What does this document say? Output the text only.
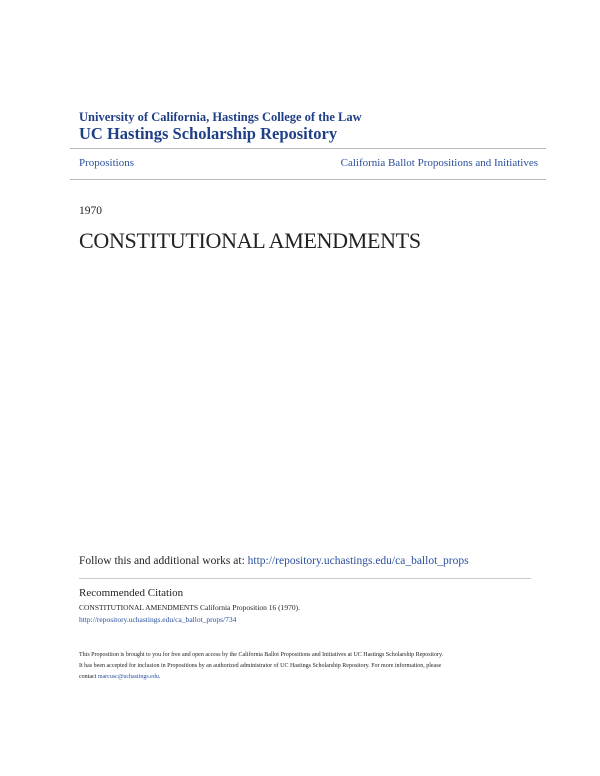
University of California, Hastings College of the Law
UC Hastings Scholarship Repository
Propositions	California Ballot Propositions and Initiatives
1970
CONSTITUTIONAL AMENDMENTS
Follow this and additional works at: http://repository.uchastings.edu/ca_ballot_props
Recommended Citation
CONSTITUTIONAL AMENDMENTS California Proposition 16 (1970).
http://repository.uchastings.edu/ca_ballot_props/734
This Proposition is brought to you for free and open access by the California Ballot Propositions and Initiatives at UC Hastings Scholarship Repository.
It has been accepted for inclusion in Propositions by an authorized administrator of UC Hastings Scholarship Repository. For more information, please
contact marcusc@uchastings.edu.
